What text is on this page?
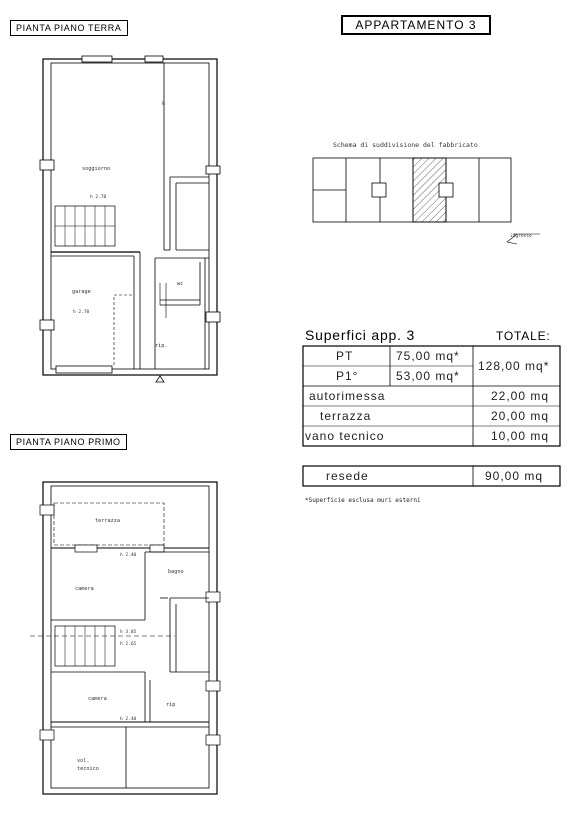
PIANTA PIANO TERRA
PIANTA PIANO PRIMO
APPARTAMENTO 3
k
soggiorno
h 2.70
garage
h 2.70
wc
rip.
terrazza
camera
bagno
camera
rip
vol.
tecnico
h 2.40
h 3.85
h 2.65
h 2.40
ingresso
Schema di suddivisione del fabbricato
Superfici app. 3	TOTALE:
PT	75,00 mq*
P1°	53,00 mq*
128,00 mq*
autorimessa	22,00 mq
terrazza	20,00 mq
vano tecnico	10,00 mq
resede	90,00 mq
*Superficie esclusa muri esterni
